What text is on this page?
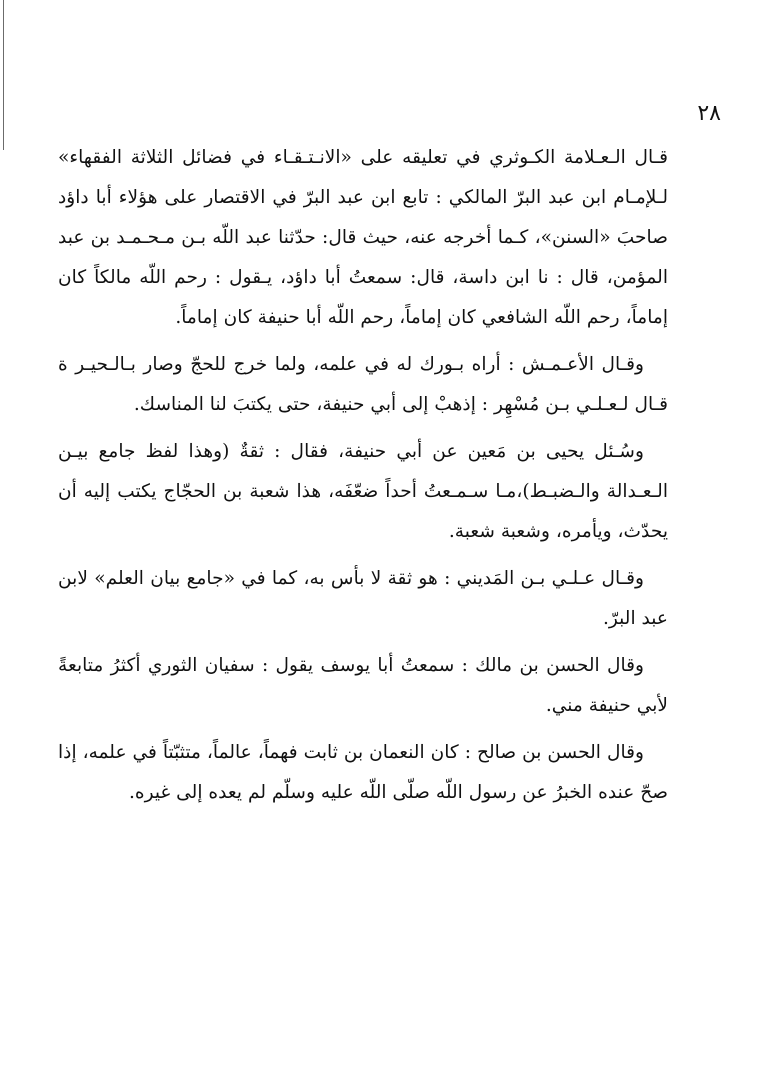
٢٨

قـال الـعـلامة الكـوثري في تعليقه على «الانـتـقـاء في فضائل الثلاثة الفقهاء» لـلإمـام ابن عبد البرّ المالكي : تابع ابن عبد البرّ في الاقتصار على هؤلاء أبا داؤد صاحبَ «السنن»، كـما أخرجه عنه، حيث قال: حدّثنا عبد اللّه بـن مـحـمـد بن عبد المؤمن، قال : نا ابن داسة، قال: سمعتُ أبا داؤد، يـقول : رحم اللّه مالكاً كان إماماً، رحم اللّه الشافعي كان إماماً، رحم اللّه أبا حنيفة كان إماماً.

وقـال الأعـمـش : أراه بـورك له في علمه، ولما خرج للحجّ وصار بـالـحيـر ة قـال لـعـلـي بـن مُسْهِر : إذهبْ إلى أبي حنيفة، حتى يكتبَ لنا المناسك.

وسُـئل يحيى بن مَعين عن أبي حنيفة، فقال : ثقةٌ (وهذا لفظ جامع بيـن الـعـدالة والـضبـط)،مـا سـمـعتُ أحداً ضعّفَه، هذا شعبة بن الحجّاج يكتب إليه أن يحدّث، ويأمره، وشعبة شعبة.

وقـال عـلـي بـن المَديني : هو ثقة لا بأس به، كما في «جامع بيان العلم» لابن عبد البرّ.

وقال الحسن بن مالك : سمعتُ أبا يوسف يقول : سفيان الثوري أكثرُ متابعةً لأبي حنيفة مني.

وقال الحسن بن صالح : كان النعمان بن ثابت فهماً، عالماً، متثبّتاً في علمه، إذا صحّ عنده الخبرُ عن رسول اللّه صلّى اللّه عليه وسلّم لم يعده إلى غيره.
